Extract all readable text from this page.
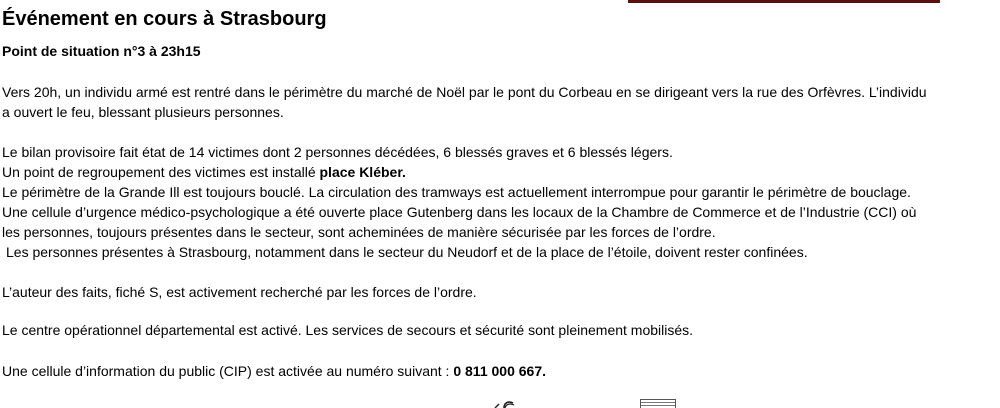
Événement en cours à Strasbourg

Point de situation n°3 à 23h15

Vers 20h, un individu armé est rentré dans le périmètre du marché de Noël par le pont du Corbeau en se dirigeant vers la rue des Orfèvres. L’individu
a ouvert le feu, blessant plusieurs personnes.

Le bilan provisoire fait état de 14 victimes dont 2 personnes décédées, 6 blessés graves et 6 blessés légers.
Un point de regroupement des victimes est installé place Kléber.
Le périmètre de la Grande Ill est toujours bouclé. La circulation des tramways est actuellement interrompue pour garantir le périmètre de bouclage.
Une cellule d’urgence médico-psychologique a été ouverte place Gutenberg dans les locaux de la Chambre de Commerce et de l’Industrie (CCI) où
les personnes, toujours présentes dans le secteur, sont acheminées de manière sécurisée par les forces de l’ordre.
Les personnes présentes à Strasbourg, notamment dans le secteur du Neudorf et de la place de l’étoile, doivent rester confinées.

L’auteur des faits, fiché S, est activement recherché par les forces de l’ordre.

Le centre opérationnel départemental est activé. Les services de secours et sécurité sont pleinement mobilisés.

Une cellule d’information du public (CIP) est activée au numéro suivant : 0 811 000 667.
